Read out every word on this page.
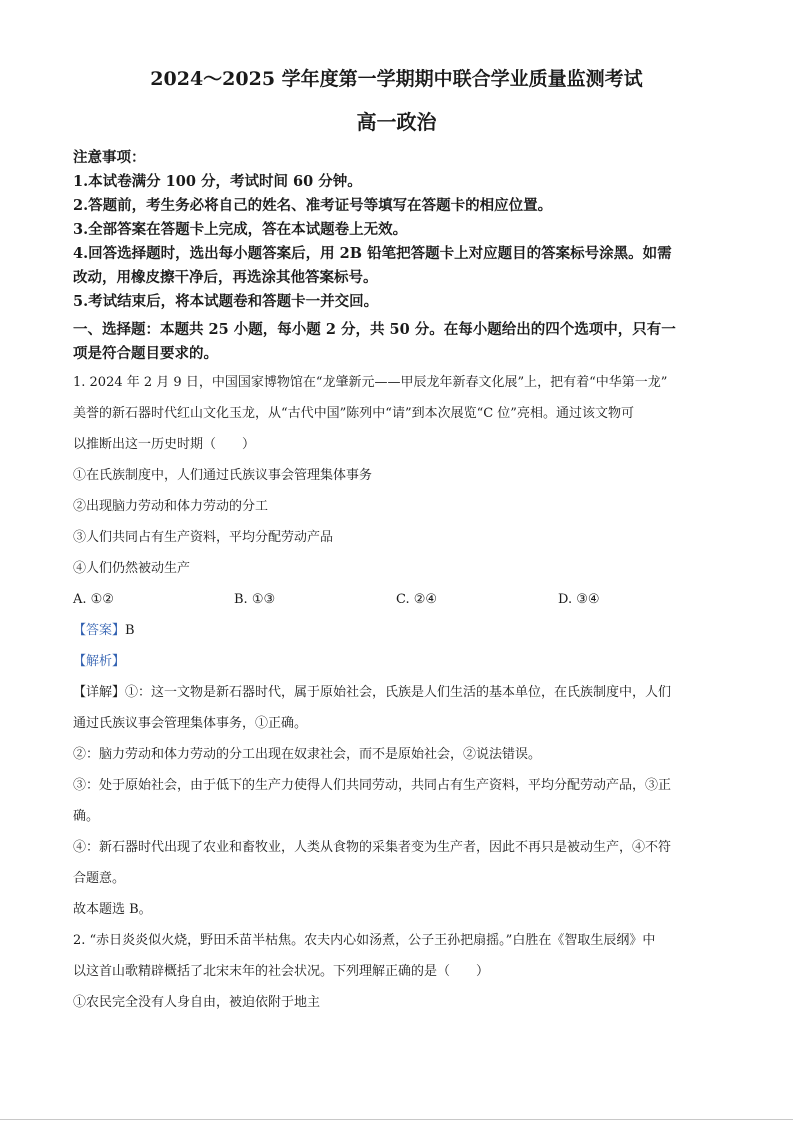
2024～2025 学年度第一学期期中联合学业质量监测考试
高一政治
注意事项：
1.本试卷满分 100 分，考试时间 60 分钟。
2.答题前，考生务必将自己的姓名、准考证号等填写在答题卡的相应位置。
3.全部答案在答题卡上完成，答在本试题卷上无效。
4.回答选择题时，选出每小题答案后，用 2B 铅笔把答题卡上对应题目的答案标号涂黑。如需
改动，用橡皮擦干净后，再选涂其他答案标号。
5.考试结束后，将本试题卷和答题卡一并交回。
一、选择题：本题共 25 小题，每小题 2 分，共 50 分。在每小题给出的四个选项中，只有一
项是符合题目要求的。
1. 2024 年 2 月 9 日，中国国家博物馆在“龙肇新元——甲辰龙年新春文化展”上，把有着“中华第一龙”
美誉的新石器时代红山文化玉龙，从“古代中国”陈列中“请”到本次展览“C 位”亮相。通过该文物可
以推断出这一历史时期（　　）
①在氏族制度中，人们通过氏族议事会管理集体事务
②出现脑力劳动和体力劳动的分工
③人们共同占有生产资料，平均分配劳动产品
④人们仍然被动生产
A. ①②	B. ①③	C. ②④	D. ③④
【答案】B
【解析】
【详解】①：这一文物是新石器时代，属于原始社会，氏族是人们生活的基本单位，在氏族制度中，人们
通过氏族议事会管理集体事务，①正确。
②：脑力劳动和体力劳动的分工出现在奴隶社会，而不是原始社会，②说法错误。
③：处于原始社会，由于低下的生产力使得人们共同劳动，共同占有生产资料，平均分配劳动产品，③正
确。
④：新石器时代出现了农业和畜牧业，人类从食物的采集者变为生产者，因此不再只是被动生产，④不符
合题意。
故本题选 B。
2. “赤日炎炎似火烧，野田禾苗半枯焦。农夫内心如汤煮，公子王孙把扇摇。”白胜在《智取生辰纲》中
以这首山歌精辟概括了北宋末年的社会状况。下列理解正确的是（　　）
①农民完全没有人身自由，被迫依附于地主
